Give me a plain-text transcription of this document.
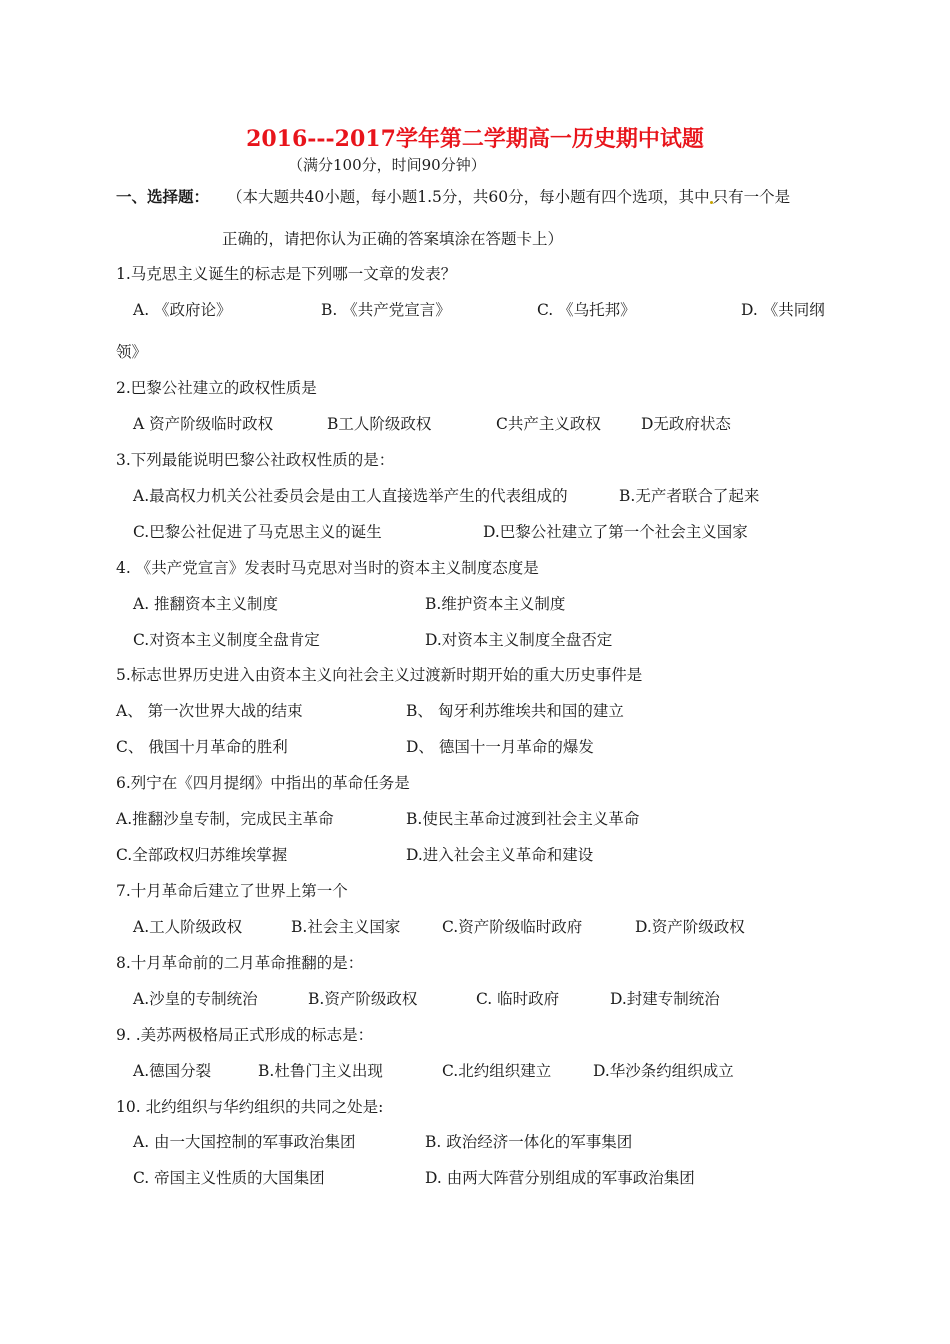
2016---2017学年第二学期高一历史期中试题
（满分100分，时间90分钟）
一、选择题： （本大题共40小题，每小题1.5分，共60分，每小题有四个选项，其中 只有一个是
正确的，请把你认为正确的答案填涂在答题卡上）
1.马克思主义诞生的标志是下列哪一文章的发表？
A. 《政府论》	B. 《共产党宣言》	C. 《乌托邦》	D. 《共同纲
领》
2.巴黎公社建立的政权性质是
A 资产阶级临时政权	B工人阶级政权	C共产主义政权	D无政府状态
3.下列最能说明巴黎公社政权性质的是：
A.最高权力机关公社委员会是由工人直接选举产生的代表组成的	B.无产者联合了起来
C.巴黎公社促进了马克思主义的诞生	D.巴黎公社建立了第一个社会主义国家
4. 《共产党宣言》发表时马克思对当时的资本主义制度态度是
A. 推翻资本主义制度	B.维护资本主义制度
C.对资本主义制度全盘肯定	D.对资本主义制度全盘否定
5.标志世界历史进入由资本主义向社会主义过渡新时期开始的重大历史事件是
A、 第一次世界大战的结束	B、 匈牙利苏维埃共和国的建立
C、 俄国十月革命的胜利	D、 德国十一月革命的爆发
6.列宁在《四月提纲》中指出的革命任务是
A.推翻沙皇专制，完成民主革命	B.使民主革命过渡到社会主义革命
C.全部政权归苏维埃掌握	D.进入社会主义革命和建设
7.十月革命后建立了世界上第一个
A.工人阶级政权	B.社会主义国家	C.资产阶级临时政府	D.资产阶级政权
8.十月革命前的二月革命推翻的是：
A.沙皇的专制统治	B.资产阶级政权	C. 临时政府	D.封建专制统治
9. .美苏两极格局正式形成的标志是：
A.德国分裂	B.杜鲁门主义出现	C.北约组织建立	D.华沙条约组织成立
10. 北约组织与华约组织的共同之处是:
A. 由一大国控制的军事政治集团	B. 政治经济一体化的军事集团
C. 帝国主义性质的大国集团	D. 由两大阵营分别组成的军事政治集团
